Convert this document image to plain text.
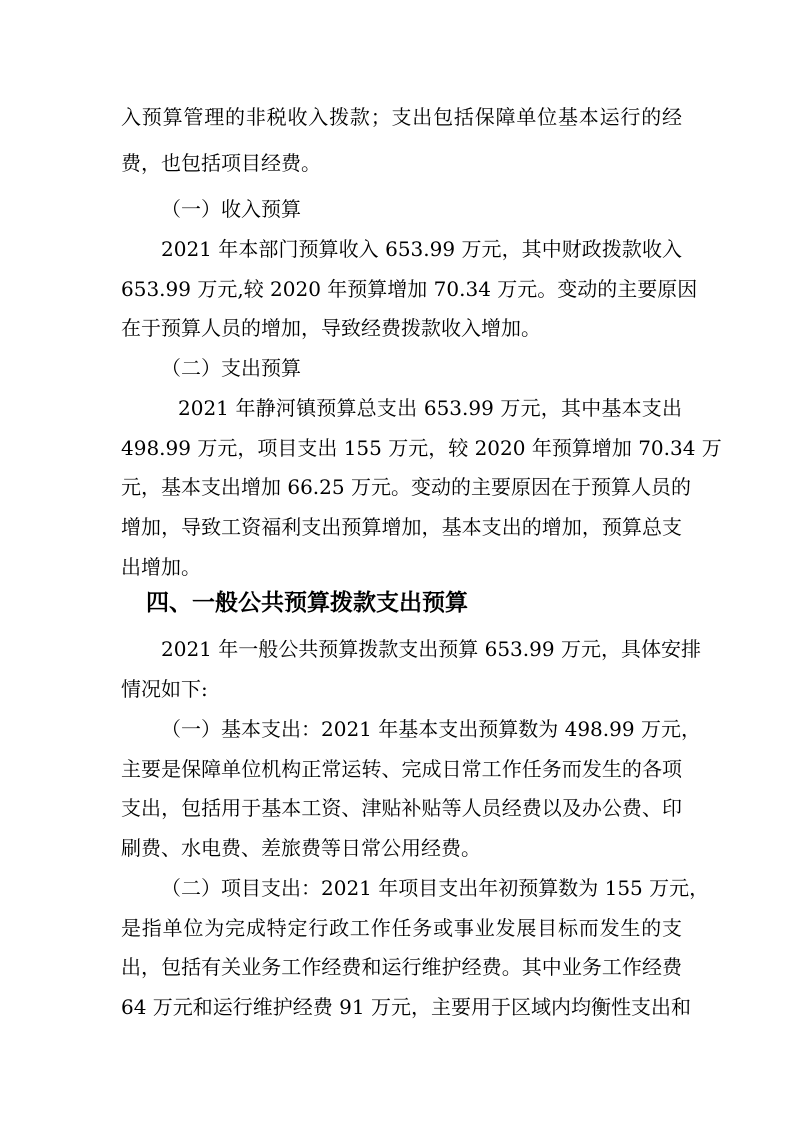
入预算管理的非税收入拨款；支出包括保障单位基本运行的经

费，也包括项目经费。

（一）收入预算

2021 年本部门预算收入 653.99 万元，其中财政拨款收入

653.99 万元,较 2020 年预算增加 70.34 万元。变动的主要原因

在于预算人员的增加，导致经费拨款收入增加。

（二）支出预算

2021 年静河镇预算总支出 653.99 万元，其中基本支出

498.99 万元，项目支出 155 万元，较 2020 年预算增加 70.34 万

元，基本支出增加 66.25 万元。变动的主要原因在于预算人员的

增加，导致工资福利支出预算增加，基本支出的增加，预算总支

出增加。

四、一般公共预算拨款支出预算

2021 年一般公共预算拨款支出预算 653.99 万元，具体安排

情况如下:

（一）基本支出：2021 年基本支出预算数为 498.99 万元，

主要是保障单位机构正常运转、完成日常工作任务而发生的各项

支出，包括用于基本工资、津贴补贴等人员经费以及办公费、印

刷费、水电费、差旅费等日常公用经费。

（二）项目支出：2021 年项目支出年初预算数为 155 万元，

是指单位为完成特定行政工作任务或事业发展目标而发生的支

出，包括有关业务工作经费和运行维护经费。其中业务工作经费

64 万元和运行维护经费 91 万元，主要用于区域内均衡性支出和
